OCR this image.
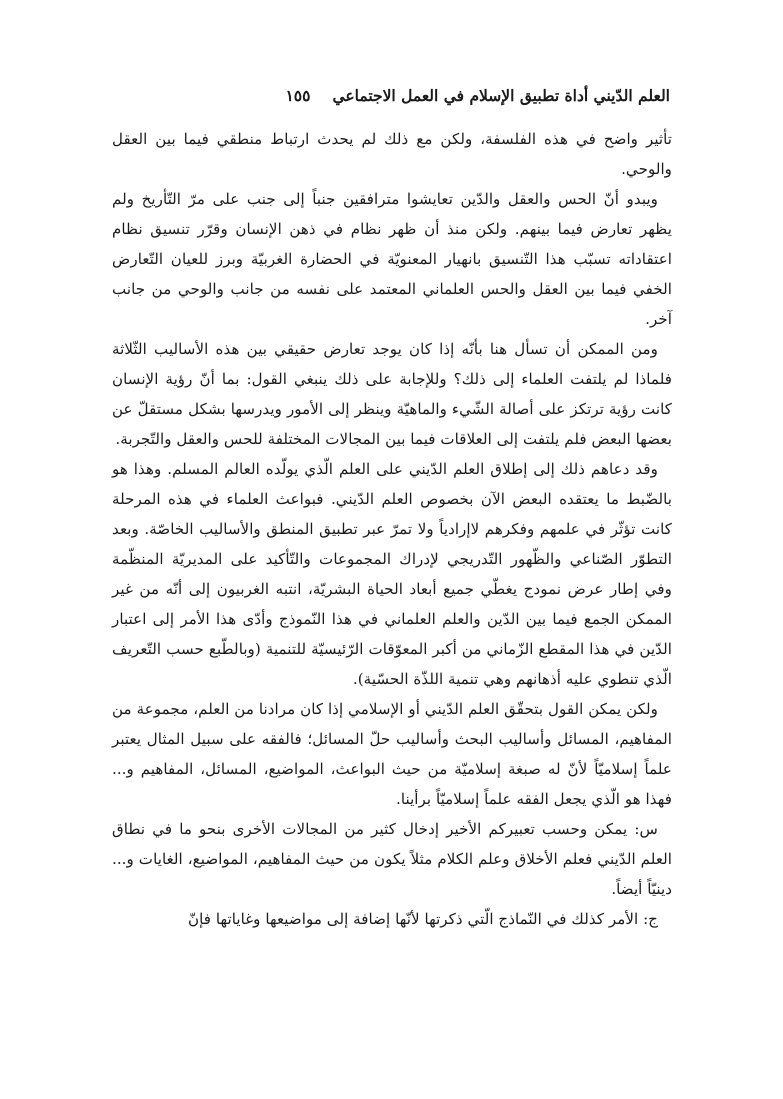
العلم الدّيني أداة تطبيق الإسلام في العمل الاجتماعي
١٥٥

تأثير واضح في هذه الفلسفة، ولكن مع ذلك لم يحدث ارتباط منطقي فيما بين العقل والوحي.

ويبدو أنّ الحس والعقل والدّين تعايشوا مترافقين جنباً إلى جنب على مرّ التّأريخ ولم يظهر تعارض فيما بينهم. ولكن منذ أن ظهر نظام في ذهن الإنسان وقرّر تنسيق نظام اعتقاداته تسبّب هذا التّنسيق بانهيار المعنويّة في الحضارة الغربيّة وبرز للعيان التّعارض الخفي فيما بين العقل والحس العلماني المعتمد على نفسه من جانب والوحي من جانب آخر.

ومن الممكن أن تسأل هنا بأنّه إذا كان يوجد تعارض حقيقي بين هذه الأساليب الثّلاثة فلماذا لم يلتفت العلماء إلى ذلك؟ وللإجابة على ذلك ينبغي القول: بما أنّ رؤية الإنسان كانت رؤية ترتكز على أصالة الشّيء والماهيّة وينظر إلى الأمور ويدرسها بشكل مستقلّ عن بعضها البعض فلم يلتفت إلى العلاقات فيما بين المجالات المختلفة للحس والعقل والتّجربة.

وقد دعاهم ذلك إلى إطلاق العلم الدّيني على العلم الّذي يولّده العالم المسلم. وهذا هو بالضّبط ما يعتقده البعض الآن بخصوص العلم الدّيني. فبواعث العلماء في هذه المرحلة كانت تؤثّر في علمهم وفكرهم لاإرادياً ولا تمرّ عبر تطبيق المنطق والأساليب الخاصّة. وبعد التطوّر الصّناعي والظّهور التّدريجي لإدراك المجموعات والتّأكيد على المديريّة المنظّمة وفي إطار عرض نمودج يغطّي جميع أبعاد الحياة البشريّة، انتبه الغربيون إلى أنّه من غير الممكن الجمع فيما بين الدّين والعلم العلماني في هذا النّموذج وأدّى هذا الأمر إلى اعتبار الدّين في هذا المقطع الزّماني من أكبر المعوّقات الرّئيسيّة للتنمية (وبالطّبع حسب التّعريف الّذي تنطوي عليه أذهانهم وهي تنمية اللذّة الحسّية).

ولكن يمكن القول بتحقّق العلم الدّيني أو الإسلامي إذا كان مرادنا من العلم، مجموعة من المفاهيم، المسائل وأساليب البحث وأساليب حلّ المسائل؛ فالفقه على سبيل المثال يعتبر علماً إسلاميّاً لأنّ له صبغة إسلاميّة من حيث البواعث، المواضيع، المسائل، المفاهيم و... فهذا هو الّذي يجعل الفقه علماً إسلاميّاً برأينا.

س: يمكن وحسب تعبيركم الأخير إدخال كثير من المجالات الأخرى بنحو ما في نطاق العلم الدّيني فعلم الأخلاق وعلم الكلام مثلاً يكون من حيث المفاهيم، المواضيع، الغايات و... دينيّاً أيضاً.

ج: الأمر كذلك في النّماذج الّتي ذكرتها لأنّها إضافة إلى مواضيعها وغاياتها فإنّ
